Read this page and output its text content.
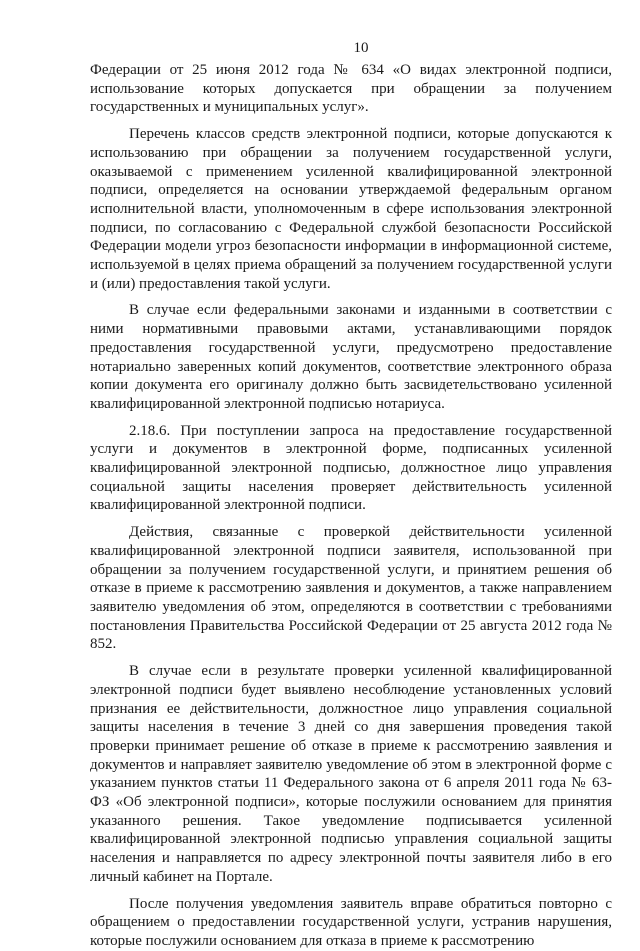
10

Федерации от 25 июня 2012 года № 634 «О видах электронной подписи, использование которых допускается при обращении за получением государственных и муниципальных услуг».

Перечень классов средств электронной подписи, которые допускаются к использованию при обращении за получением государственной услуги, оказываемой с применением усиленной квалифицированной электронной подписи, определяется на основании утверждаемой федеральным органом исполнительной власти, уполномоченным в сфере использования электронной подписи, по согласованию с Федеральной службой безопасности Российской Федерации модели угроз безопасности информации в информационной системе, используемой в целях приема обращений за получением государственной услуги и (или) предоставления такой услуги.

В случае если федеральными законами и изданными в соответствии с ними нормативными правовыми актами, устанавливающими порядок предоставления государственной услуги, предусмотрено предоставление нотариально заверенных копий документов, соответствие электронного образа копии документа его оригиналу должно быть засвидетельствовано усиленной квалифицированной электронной подписью нотариуса.

2.18.6. При поступлении запроса на предоставление государственной услуги и документов в электронной форме, подписанных усиленной квалифицированной электронной подписью, должностное лицо управления социальной защиты населения проверяет действительность усиленной квалифицированной электронной подписи.

Действия, связанные с проверкой действительности усиленной квалифицированной электронной подписи заявителя, использованной при обращении за получением государственной услуги, и принятием решения об отказе в приеме к рассмотрению заявления и документов, а также направлением заявителю уведомления об этом, определяются в соответствии с требованиями постановления Правительства Российской Федерации от 25 августа 2012 года № 852.

В случае если в результате проверки усиленной квалифицированной электронной подписи будет выявлено несоблюдение установленных условий признания ее действительности, должностное лицо управления социальной защиты населения в течение 3 дней со дня завершения проведения такой проверки принимает решение об отказе в приеме к рассмотрению заявления и документов и направляет заявителю уведомление об этом в электронной форме с указанием пунктов статьи 11 Федерального закона от 6 апреля 2011 года № 63-ФЗ «Об электронной подписи», которые послужили основанием для принятия указанного решения. Такое уведомление подписывается усиленной квалифицированной электронной подписью управления социальной защиты населения и направляется по адресу электронной почты заявителя либо в его личный кабинет на Портале.

После получения уведомления заявитель вправе обратиться повторно с обращением о предоставлении государственной услуги, устранив нарушения, которые послужили основанием для отказа в приеме к рассмотрению
